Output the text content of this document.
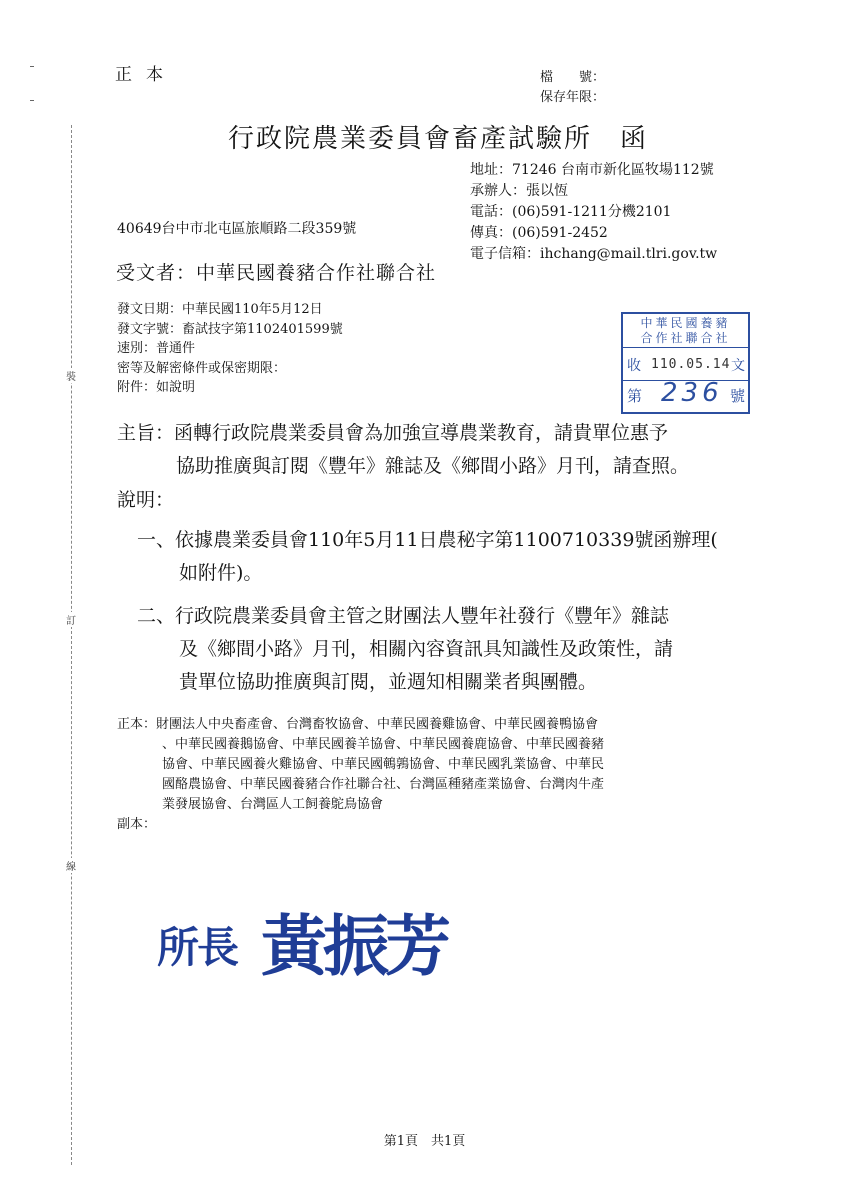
裝
訂
線
正本	檔　　號：
保存年限：
行政院農業委員會畜產試驗所　函
地址：71246 台南市新化區牧場112號
承辦人：張以恆
電話：(06)591-1211分機2101
傳真：(06)591-2452
電子信箱：ihchang@mail.tlri.gov.tw
40649台中市北屯區旅順路二段359號
受文者：中華民國養豬合作社聯合社
發文日期：中華民國110年5月12日
發文字號：畜試技字第1102401599號
速別：普通件
密等及解密條件或保密期限：
附件：如說明
中華民國養豬
合作社聯合社
收 110.05.14 文
第 236 號
主旨：函轉行政院農業委員會為加強宣導農業教育，請貴單位惠予
協助推廣與訂閱《豐年》雜誌及《鄉間小路》月刊，請查照。
說明：
一、依據農業委員會110年5月11日農秘字第1100710339號函辦理(
如附件)。
二、行政院農業委員會主管之財團法人豐年社發行《豐年》雜誌
及《鄉間小路》月刊，相關內容資訊具知識性及政策性，請
貴單位協助推廣與訂閱，並週知相關業者與團體。
正本：財團法人中央畜產會、台灣畜牧協會、中華民國養雞協會、中華民國養鴨協會
、中華民國養鵝協會、中華民國養羊協會、中華民國養鹿協會、中華民國養豬
協會、中華民國養火雞協會、中華民國鵪鶉協會、中華民國乳業協會、中華民
國酪農協會、中華民國養豬合作社聯合社、台灣區種豬產業協會、台灣肉牛產
業發展協會、台灣區人工飼養鴕鳥協會
副本：
所長 黃振芳
第1頁　共1頁
